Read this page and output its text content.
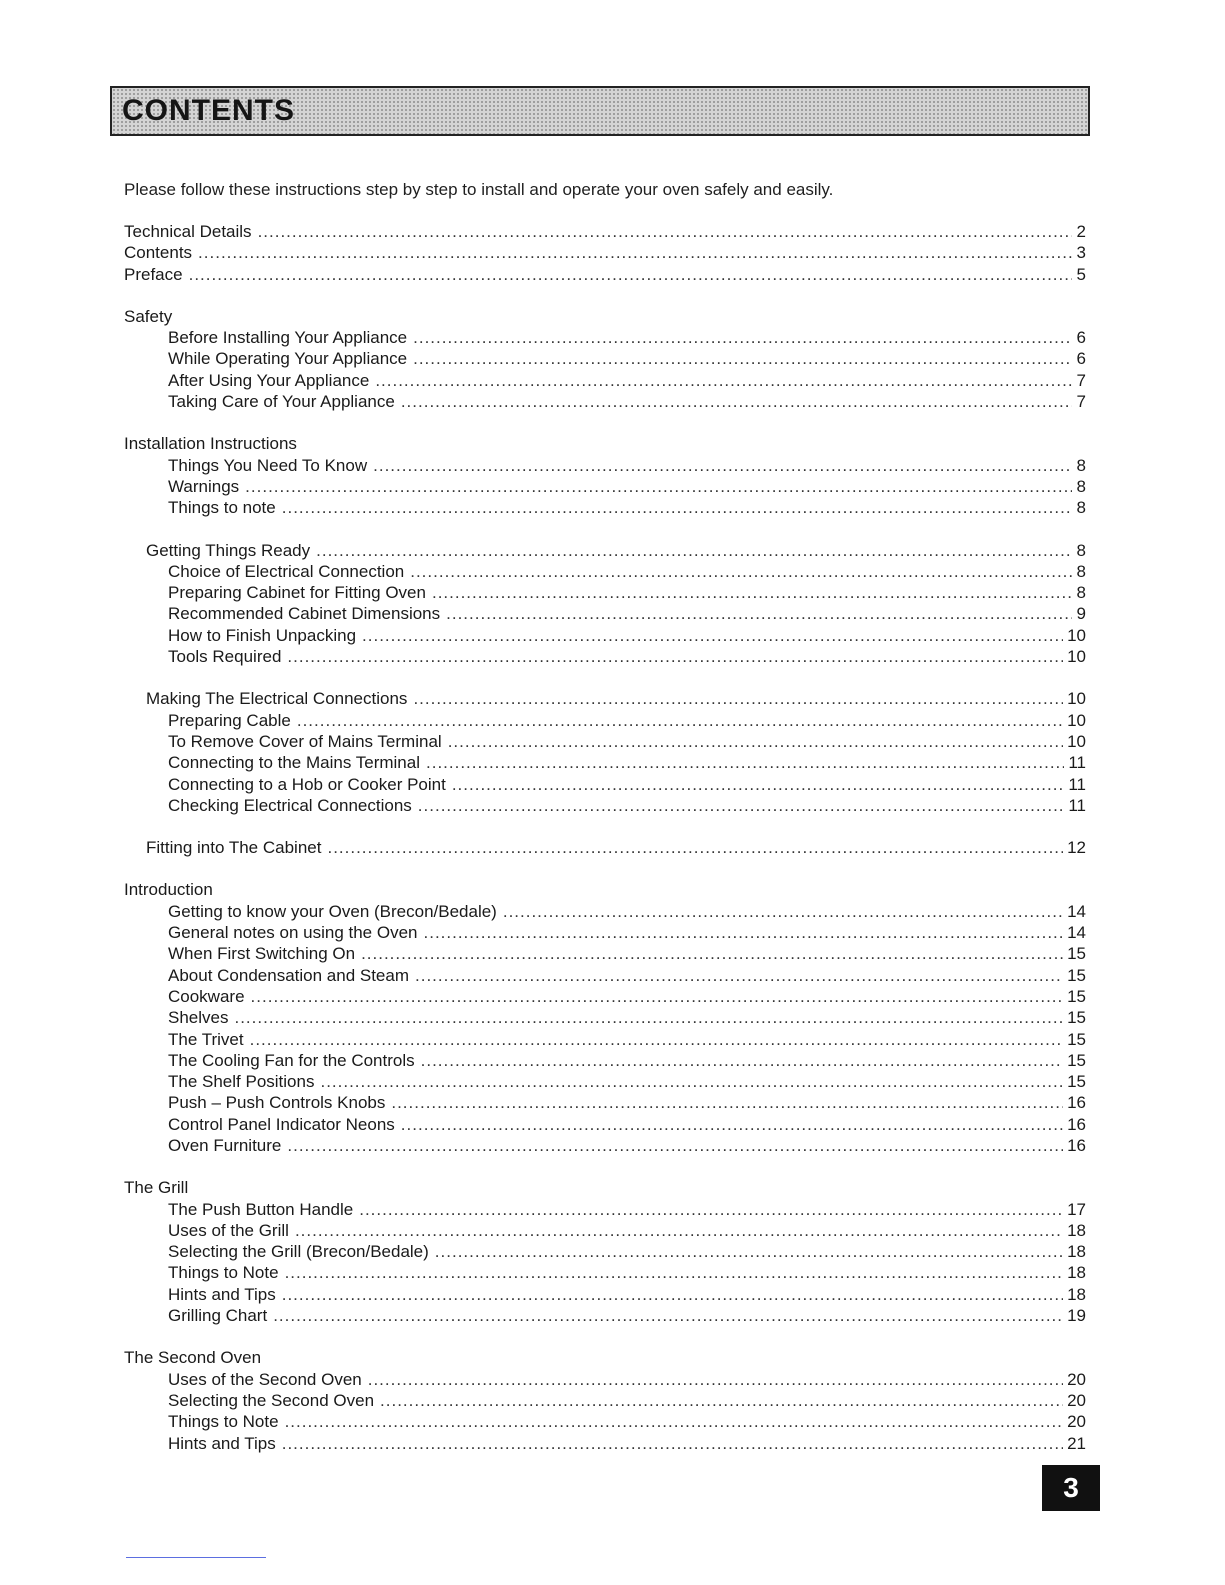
CONTENTS
Please follow these instructions step by step to install and operate your oven safely and easily.
Technical Details .....	2
Contents .....	3
Preface .....	5
Safety
Before Installing Your Appliance .....	6
While Operating Your Appliance .....	6
After Using Your Appliance .....	7
Taking Care of Your Appliance .....	7
Installation Instructions
Things You Need To Know .....	8
Warnings .....	8
Things to note .....	8
Getting Things Ready .....	8
Choice of Electrical Connection .....	8
Preparing Cabinet for Fitting Oven .....	8
Recommended Cabinet Dimensions .....	9
How to Finish Unpacking .....	10
Tools Required .....	10
Making The Electrical Connections .....	10
Preparing Cable .....	10
To Remove Cover of Mains Terminal .....	10
Connecting to the Mains Terminal .....	11
Connecting to a Hob or Cooker Point .....	11
Checking Electrical Connections .....	11
Fitting into The Cabinet .....	12
Introduction
Getting to know your Oven (Brecon/Bedale) .....	14
General notes on using the Oven .....	14
When First Switching On .....	15
About Condensation and Steam .....	15
Cookware .....	15
Shelves .....	15
The Trivet .....	15
The Cooling Fan for the Controls .....	15
The Shelf Positions .....	15
Push – Push Controls Knobs .....	16
Control Panel Indicator Neons .....	16
Oven Furniture .....	16
The Grill
The Push Button Handle .....	17
Uses of the Grill .....	18
Selecting the Grill (Brecon/Bedale) .....	18
Things to Note .....	18
Hints and Tips .....	18
Grilling Chart .....	19
The Second Oven
Uses of the Second Oven .....	20
Selecting the Second Oven .....	20
Things to Note .....	20
Hints and Tips .....	21
3
